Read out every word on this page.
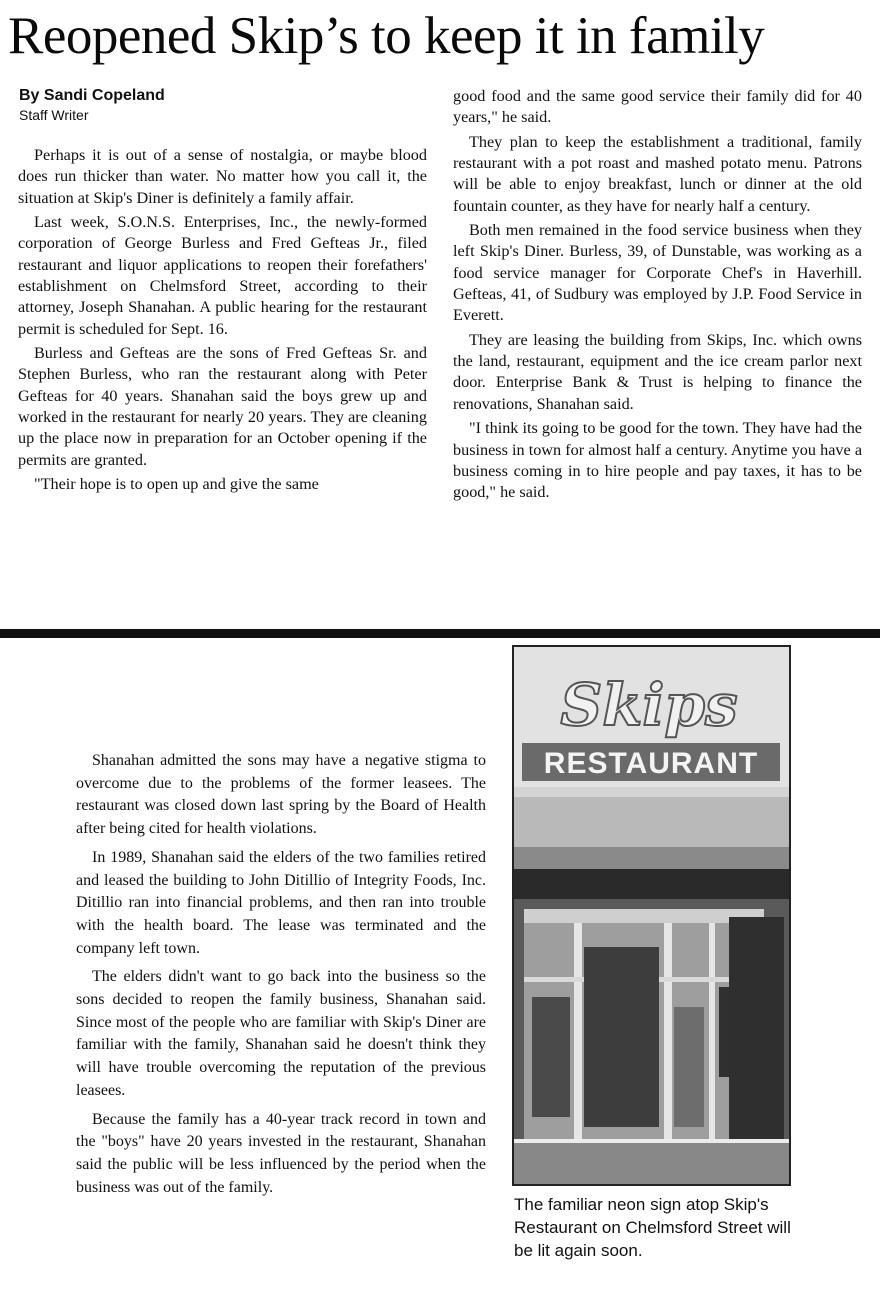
Reopened Skip’s to keep it in family
By Sandi Copeland
Staff Writer

Perhaps it is out of a sense of nostalgia, or maybe blood does run thicker than water. No matter how you call it, the situation at Skip's Diner is definitely a family affair.

Last week, S.O.N.S. Enterprises, Inc., the newly-formed corporation of George Burless and Fred Gefteas Jr., filed restaurant and liquor applications to reopen their forefathers' establishment on Chelmsford Street, according to their attorney, Joseph Shanahan. A public hearing for the restaurant permit is scheduled for Sept. 16.

Burless and Gefteas are the sons of Fred Gefteas Sr. and Stephen Burless, who ran the restaurant along with Peter Gefteas for 40 years. Shanahan said the boys grew up and worked in the restaurant for nearly 20 years. They are cleaning up the place now in preparation for an October opening if the permits are granted.

"Their hope is to open up and give the same

good food and the same good service their family did for 40 years," he said.

They plan to keep the establishment a traditional, family restaurant with a pot roast and mashed potato menu. Patrons will be able to enjoy breakfast, lunch or dinner at the old fountain counter, as they have for nearly half a century.

Both men remained in the food service business when they left Skip's Diner. Burless, 39, of Dunstable, was working as a food service manager for Corporate Chef's in Haverhill. Gefteas, 41, of Sudbury was employed by J.P. Food Service in Everett.

They are leasing the building from Skips, Inc. which owns the land, restaurant, equipment and the ice cream parlor next door. Enterprise Bank & Trust is helping to finance the renovations, Shanahan said.

"I think its going to be good for the town. They have had the business in town for almost half a century. Anytime you have a business coming in to hire people and pay taxes, it has to be good," he said.

Shanahan admitted the sons may have a negative stigma to overcome due to the problems of the former leasees. The restaurant was closed down last spring by the Board of Health after being cited for health violations.

In 1989, Shanahan said the elders of the two families retired and leased the building to John Ditillio of Integrity Foods, Inc. Ditillio ran into financial problems, and then ran into trouble with the health board. The lease was terminated and the company left town.

The elders didn't want to go back into the business so the sons decided to reopen the family business, Shanahan said. Since most of the people who are familiar with Skip's Diner are familiar with the family, Shanahan said he doesn't think they will have trouble overcoming the reputation of the previous leasees.

Because the family has a 40-year track record in town and the "boys" have 20 years invested in the restaurant, Shanahan said the public will be less influenced by the period when the business was out of the family.

Skips
RESTAURANT
The familiar neon sign atop Skip's Restaurant on Chelmsford Street will be lit again soon.
